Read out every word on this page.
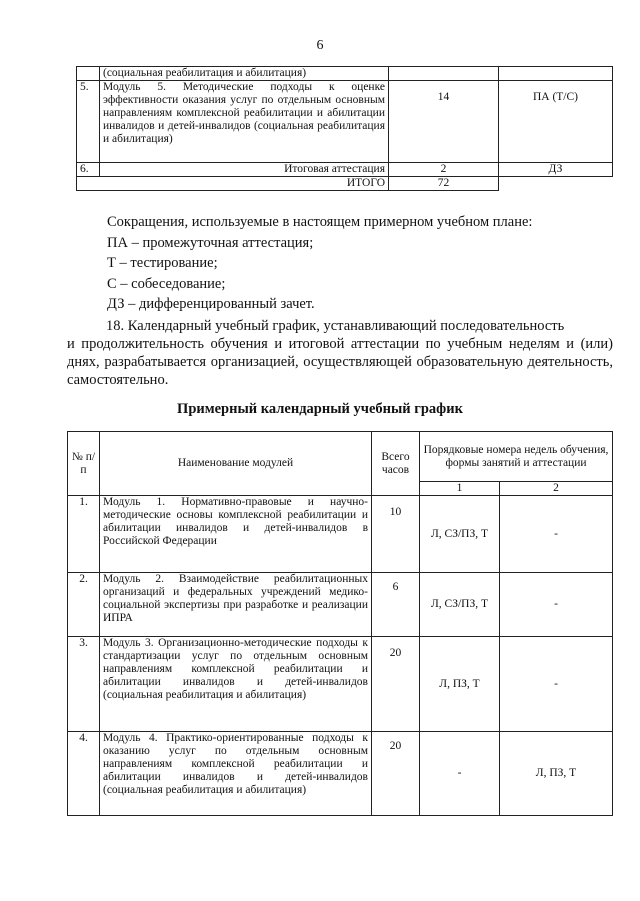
6
	(социальная реабилитация и абилитация)		
5.	Модуль 5. Методические подходы к оценке эффективности оказания услуг по отдельным основным направлениям комплексной реабилитации и абилитации инвалидов и детей-инвалидов (социальная реабилитация и абилитация)	14	ПА (Т/С)
6.	Итоговая аттестация	2	ДЗ
ИТОГО		72	
Сокращения, используемые в настоящем примерном учебном плане:
ПА – промежуточная аттестация;
Т – тестирование;
С – собеседование;
ДЗ – дифференцированный зачет.
18. Календарный учебный график, устанавливающий последовательность
и продолжительность обучения и итоговой аттестации по учебным неделям и (или) днях, разрабатывается организацией, осуществляющей образовательную деятельность, самостоятельно.
Примерный календарный учебный график
№ п/п	Наименование модулей	Всего часов	Порядковые номера недель обучения, формы занятий и аттестации	
			1	2
1.	Модуль 1. Нормативно-правовые и научно-методические основы комплексной реабилитации и абилитации инвалидов и детей-инвалидов в Российской Федерации	10	Л, СЗ/ПЗ, Т	-
2.	Модуль 2. Взаимодействие реабилитационных организаций и федеральных учреждений медико-социальной экспертизы при разработке и реализации ИПРА	6	Л, СЗ/ПЗ, Т	-
3.	Модуль 3. Организационно-методические подходы к стандартизации услуг по отдельным основным направлениям комплексной реабилитации и абилитации инвалидов и детей-инвалидов (социальная реабилитация и абилитация)	20	Л, ПЗ, Т	-
4.	Модуль 4. Практико-ориентированные подходы к оказанию услуг по отдельным основным направлениям комплексной реабилитации и абилитации инвалидов и детей-инвалидов (социальная реабилитация и абилитация)	20	-	Л, ПЗ, Т
